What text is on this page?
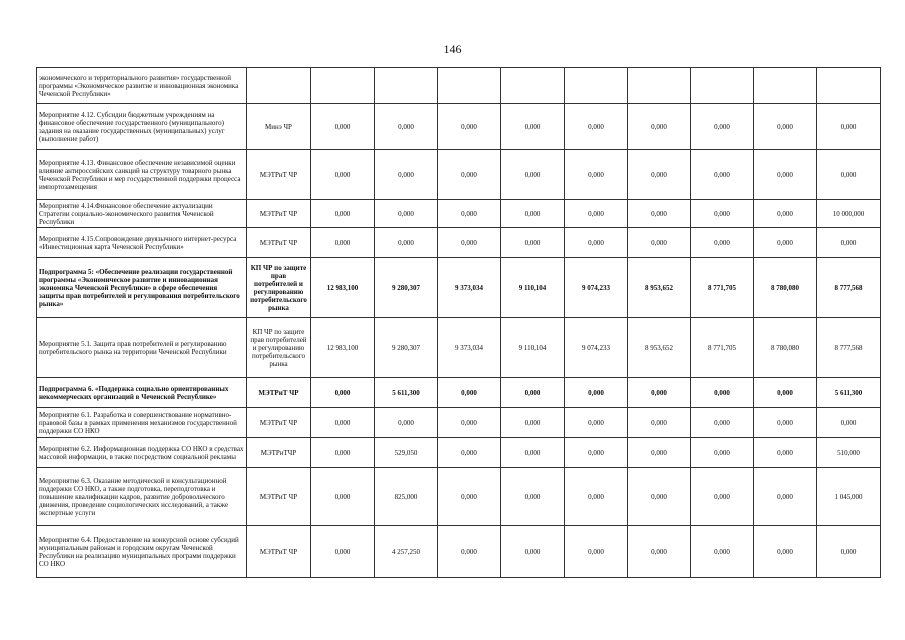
146
экономического и территориального развития» государственной программы «Экономическое развитие и инновационная экономика Чеченской Республики»										
Мероприятие 4.12. Субсидии бюджетным учреждениям на финансовое обеспечение государственного (муниципального) задания на оказание государственных (муниципальных) услуг (выполнение работ)	Минэ ЧР	0,000	0,000	0,000	0,000	0,000	0,000	0,000	0,000	0,000
Мероприятие 4.13. Финансовое обеспечение независимой оценки влияние антироссийских санкций на структуру товарного рынка Чеченской Республики и мер государственной поддержки процесса импортозамещения	МЭТРиТ ЧР	0,000	0,000	0,000	0,000	0,000	0,000	0,000	0,000	0,000
Мероприятие 4.14.Финансовое обеспечение актуализации Стратегии социально-экономического развития Чеченской Республики	МЭТРиТ ЧР	0,000	0,000	0,000	0,000	0,000	0,000	0,000	0,000	10 000,000
Мероприятие 4.15.Сопровождение двуязычного интернет-ресурса «Инвестиционная карта Чеченской Республики»	МЭТРиТ ЧР	0,000	0,000	0,000	0,000	0,000	0,000	0,000	0,000	0,000
Подпрограмма 5: «Обеспечение реализации государственной программы «Экономическое развитие и инновационная экономика Чеченской Республики» в сфере обеспечения защиты прав потребителей и регулирования потребительского рынка»	КП ЧР по защите прав потребителей и регулированию потребительского рынка	12 983,100	9 280,307	9 373,034	9 110,104	9 074,233	8 953,652	8 771,705	8 780,080	8 777,568
Мероприятие 5.1. Защита прав потребителей и регулированию потребительского рынка на территории Чеченской Республики	КП ЧР по защите прав потребителей и регулированию потребительского рынка	12 983,100	9 280,307	9 373,034	9 110,104	9 074,233	8 953,652	8 771,705	8 780,080	8 777,568
Подпрограмма 6. «Поддержка социально ориентированных некоммерческих организаций в Чеченской Республике»	МЭТРиТ ЧР	0,000	5 611,300	0,000	0,000	0,000	0,000	0,000	0,000	5 611,300
Мероприятие 6.1. Разработка и совершенствование нормативно-правовой базы в рамках применения механизмов государственной поддержки СО НКО	МЭТРиТ ЧР	0,000	0,000	0,000	0,000	0,000	0,000	0,000	0,000	0,000
Мероприятие 6.2. Информационная поддержка СО НКО в средствах массовой информации, в также посредством социальной рекламы	МЭТРиТЧР	0,000	529,050	0,000	0,000	0,000	0,000	0,000	0,000	510,000
Мероприятие 6.3. Оказание методической и консультационной поддержки СО НКО, а также подготовка, переподготовка и повышение квалификации кадров, развитие добровольческого движения, проведение социологических исследований, а также экспертные услуги	МЭТРиТ ЧР	0,000	825,000	0,000	0,000	0,000	0,000	0,000	0,000	1 045,000
Мероприятие 6.4. Предоставление на конкурсной основе субсидий муниципальным районам и городским округам Чеченской Республики на реализацию муниципальных программ поддержки СО НКО	МЭТРиТ ЧР	0,000	4 257,250	0,000	0,000	0,000	0,000	0,000	0,000	0,000
